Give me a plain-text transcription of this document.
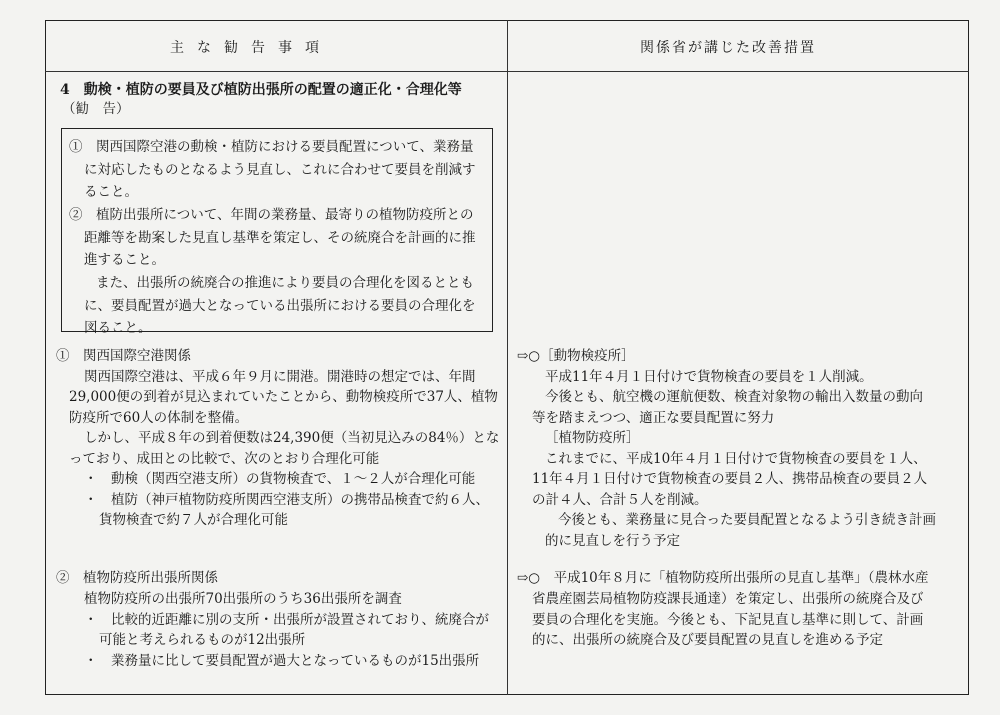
主な勧告事項	関係省が講じた改善措置
4　動検・植防の要員及び植防出張所の配置の適正化・合理化等
（勧　告）
①　関西国際空港の動検・植防における要員配置について、業務量
に対応したものとなるよう見直し、これに合わせて要員を削減す
ること。
②　植防出張所について、年間の業務量、最寄りの植物防疫所との
距離等を勘案した見直し基準を策定し、その統廃合を計画的に推
進すること。
また、出張所の統廃合の推進により要員の合理化を図るととも
に、要員配置が過大となっている出張所における要員の合理化を
図ること。
①　関西国際空港関係
関西国際空港は、平成６年９月に開港。開港時の想定では、年間
29,000便の到着が見込まれていたことから、動物検疫所で37人、植物
防疫所で60人の体制を整備。
しかし、平成８年の到着便数は24,390便（当初見込みの84％）とな
っており、成田との比較で、次のとおり合理化可能
・　動検（関西空港支所）の貨物検査で、１～２人が合理化可能
・　植防（神戸植物防疫所関西空港支所）の携帯品検査で約６人、
貨物検査で約７人が合理化可能
②　植物防疫所出張所関係
植物防疫所の出張所70出張所のうち36出張所を調査
・　比較的近距離に別の支所・出張所が設置されており、統廃合が
可能と考えられるものが12出張所
・　業務量に比して要員配置が過大となっているものが15出張所
⇨○［動物検疫所］
平成11年４月１日付けで貨物検査の要員を１人削減。
今後とも、航空機の運航便数、検査対象物の輸出入数量の動向
等を踏まえつつ、適正な要員配置に努力
［植物防疫所］
これまでに、平成10年４月１日付けで貨物検査の要員を１人、
11年４月１日付けで貨物検査の要員２人、携帯品検査の要員２人
の計４人、合計５人を削減。
今後とも、業務量に見合った要員配置となるよう引き続き計画
的に見直しを行う予定
⇨○　平成10年８月に「植物防疫所出張所の見直し基準」（農林水産
省農産園芸局植物防疫課長通達）を策定し、出張所の統廃合及び
要員の合理化を実施。今後とも、下記見直し基準に則して、計画
的に、出張所の統廃合及び要員配置の見直しを進める予定
